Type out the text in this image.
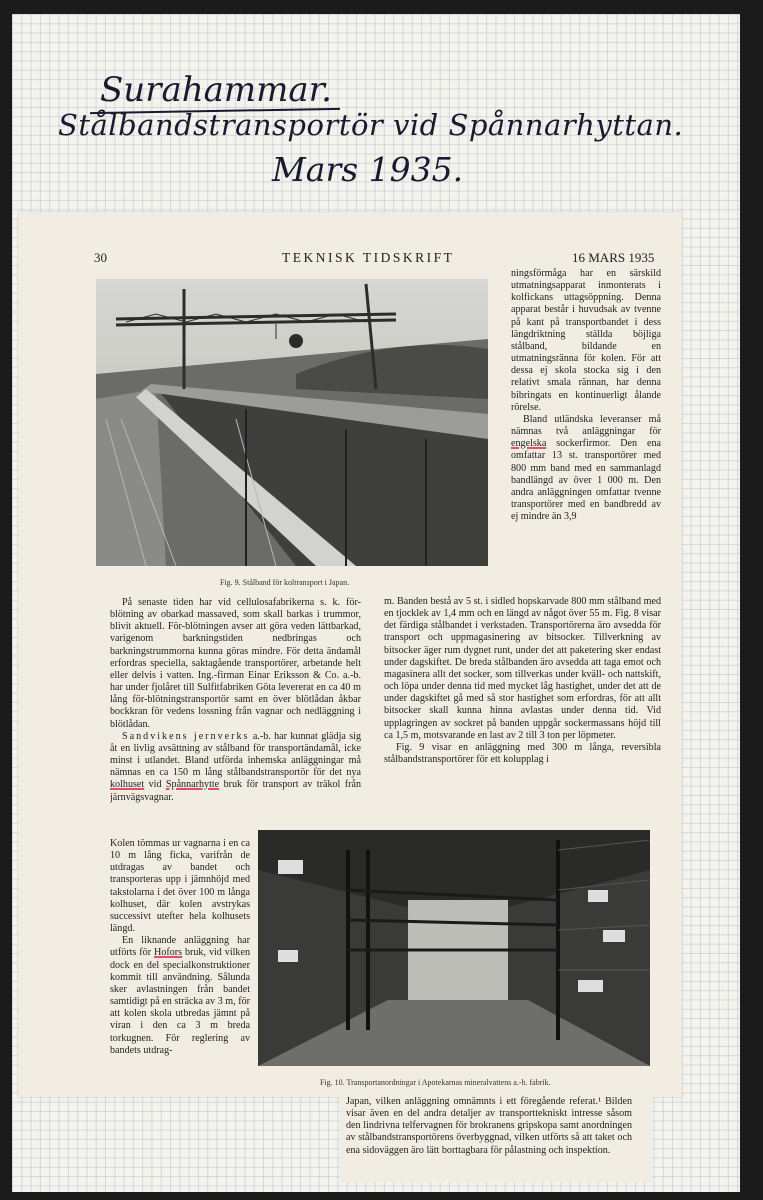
Surahammar.
Stålbandstransportör vid Spånnarhyttan.
Mars 1935.
30	TEKNISK TIDSKRIFT	16 MARS 1935
Fig. 9. Stålband för koltransport i Japan.

ningsförmåga har en särskild utmatningsapparat inmonterats i kolfickans uttagsöppning. Denna apparat består i huvudsak av tvenne på kant på transportbandet i dess längdriktning ställda böjliga stålband, bildande en utmatningsränna för kolen. För att dessa ej skola stocka sig i den relativt smala rännan, har denna bibringats en kontinuerligt ålande rörelse.

Bland utländska leveranser må nämnas två anläggningar för engelska sockerfirmor. Den ena omfattar 13 st. transportörer med 800 mm band med en sammanlagd bandlängd av över 1 000 m. Den andra anläggningen omfattar tvenne transportörer med en bandbredd av ej mindre än 3,9

m. Banden bestå av 5 st. i sidled hopskarvade 800 mm stålband med en tjocklek av 1,4 mm och en längd av något över 55 m. Fig. 8 visar det färdiga stålbandet i verkstaden. Transportörerna äro avsedda för transport och uppmagasinering av bitsocker. Tillverkning av bitsocker äger rum dygnet runt, under det att paketering sker endast under dagskiftet. De breda stålbanden äro avsedda att taga emot och magasinera allt det socker, som tillverkas under kväll- och nattskift, och löpa under denna tid med mycket låg hastighet, under det att de under dagskiftet gå med så stor hastighet som erfordras, för att allt bitsocker skall kunna hinna avlastas under denna tid. Vid upplagringen av sockret på banden uppgår sockermassans höjd till ca 1,5 m, motsvarande en last av 2 till 3 ton per löpmeter.

Fig. 9 visar en anläggning med 300 m långa, reversibla stålbandstransportörer för ett kolupplag i

På senaste tiden har vid cellulosafabrikerna s. k. för-blötning av obarkad massaved, som skall barkas i trummor, blivit aktuell. För-blötningen avser att göra veden lättbarkad, varigenom barkningstiden nedbringas och barkningstrummorna kunna göras mindre. För detta ändamål erfordras speciella, saktagående transportörer, arbetande helt eller delvis i vatten. Ing.-firman Einar Eriksson & Co. a.-b. har under fjolåret till Sulfitfabriken Göta levererat en ca 40 m lång för-blötningstransportör samt en över blötlådan åkbar bockkran för vedens lossning från vagnar och nedläggning i blötlådan.

Sandvikens jernverks a.-b. har kunnat glädja sig åt en livlig avsättning av stålband för transportändamål, icke minst i utlandet. Bland utförda inhemska anläggningar må nämnas en ca 150 m lång stålbandstransportör för det nya kolhuset vid Spånnarhytte bruk för transport av träkol från järnvägsvagnar.

Kolen tömmas ur vagnarna i en ca 10 m lång ficka, varifrån de utdragas av bandet och transporteras upp i jämnhöjd med takstolarna i det över 100 m långa kolhuset, där kolen avstrykas successivt utefter hela kolhusets längd.

En liknande anläggning har utförts för Hofors bruk, vid vilken dock en del specialkonstruktioner kommit till användning. Sålunda sker avlastningen från bandet samtidigt på en sträcka av 3 m, för att kolen skola utbredas jämnt på viran i den ca 3 m breda torkugnen. För reglering av bandets utdrag-

Fig. 10. Transportanordningar i Apotekarnas mineralvattens a.-b. fabrik.

Japan, vilken anläggning omnämnts i ett föregående referat.¹ Bilden visar även en del andra detaljer av transporttekniskt intresse såsom den lindrivna telfervagnen för brokranens gripskopa samt anordningen av stålbandstransportörens överbyggnad, vilken utförts så att taket och ena sidoväggen äro lätt borttagbara för pålastning och inspektion.
